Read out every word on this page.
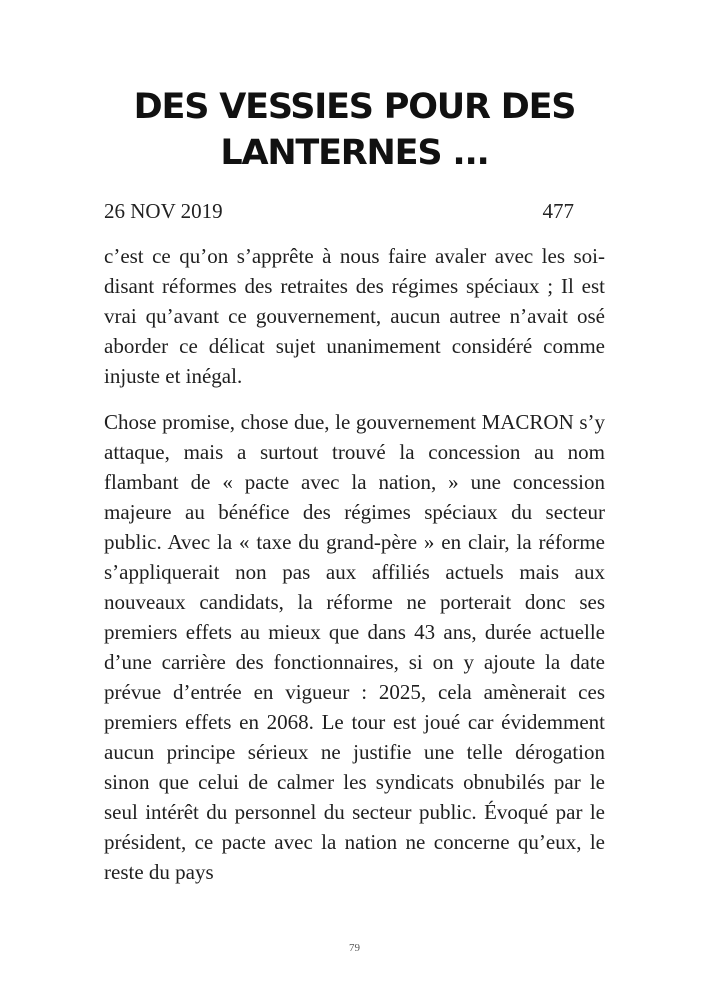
DES VESSIES POUR DES
LANTERNES ...
26 NOV 2019	477

c’est ce qu’on s’apprête à nous faire avaler avec les soi-disant réformes des retraites des régimes spéciaux ; Il est vrai qu’avant ce gouvernement, aucun autree n’avait osé aborder ce délicat sujet unanimement considéré comme injuste et inégal.

Chose promise, chose due, le gouvernement MACRON s’y attaque, mais a surtout trouvé la concession au nom flambant de « pacte avec la nation, » une concession majeure au bénéfice des régimes spéciaux du secteur public. Avec la « taxe du grand-père » en clair, la réforme s’appliquerait non pas aux affiliés actuels mais aux nouveaux candidats, la réforme ne porterait donc ses premiers effets au mieux que dans 43 ans, durée actuelle d’une carrière des fonctionnaires, si on y ajoute la date prévue d’entrée en vigueur : 2025, cela amènerait ces premiers effets en 2068. Le tour est joué car évidemment aucun principe sérieux ne justifie une telle dérogation sinon que celui de calmer les syndicats obnubilés par le seul intérêt du personnel du secteur public. Évoqué par le président, ce pacte avec la nation ne concerne qu’eux, le reste du pays

79
